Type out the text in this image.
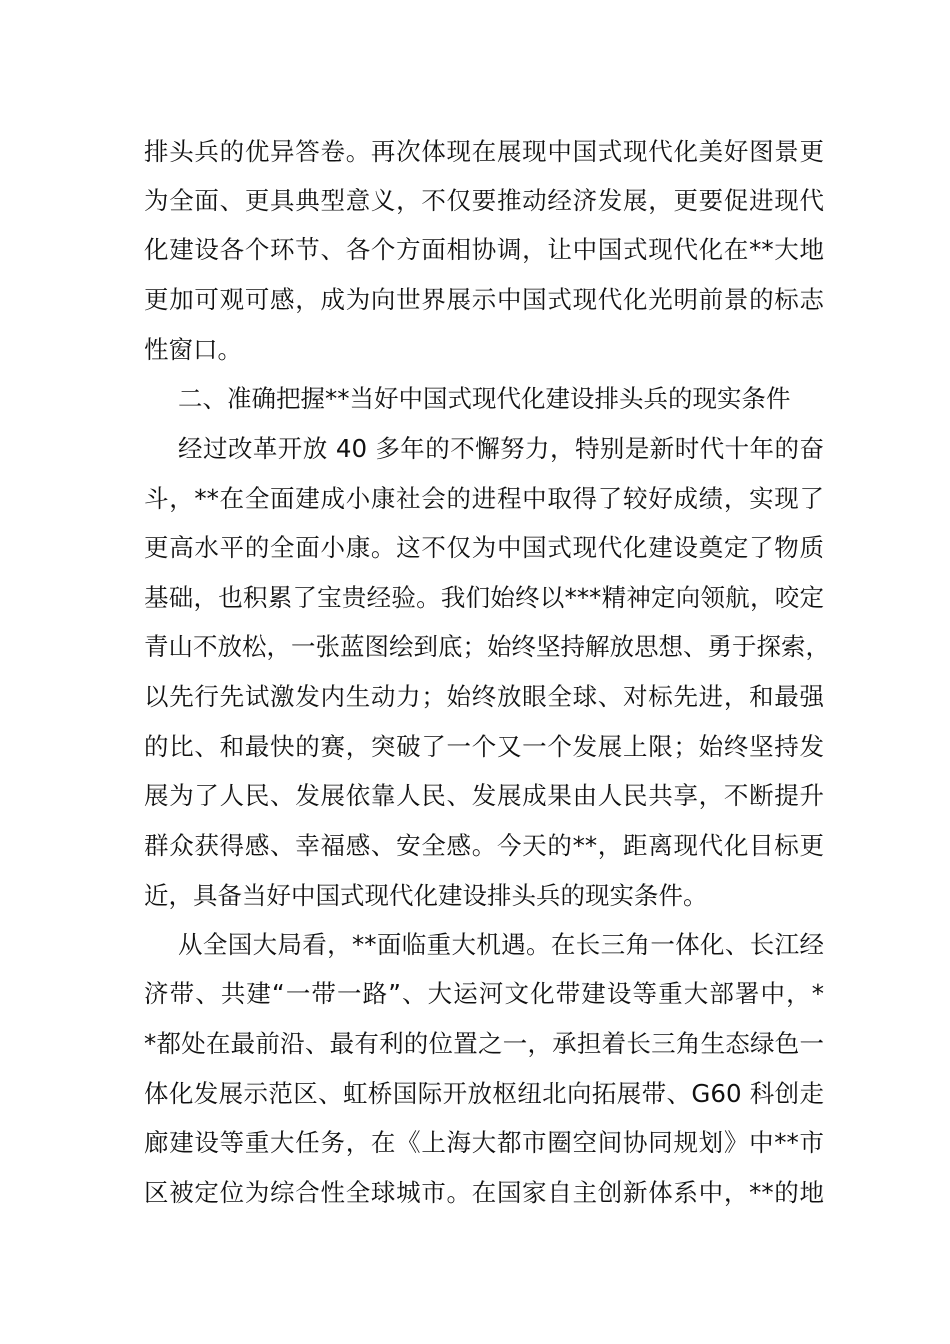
排头兵的优异答卷。再次体现在展现中国式现代化美好图景更
为全面、更具典型意义，不仅要推动经济发展，更要促进现代
化建设各个环节、各个方面相协调，让中国式现代化在**大地
更加可观可感，成为向世界展示中国式现代化光明前景的标志
性窗口。
二、准确把握**当好中国式现代化建设排头兵的现实条件
经过改革开放 40 多年的不懈努力，特别是新时代十年的奋
斗，**在全面建成小康社会的进程中取得了较好成绩，实现了
更高水平的全面小康。这不仅为中国式现代化建设奠定了物质
基础，也积累了宝贵经验。我们始终以***精神定向领航，咬定
青山不放松，一张蓝图绘到底；始终坚持解放思想、勇于探索，
以先行先试激发内生动力；始终放眼全球、对标先进，和最强
的比、和最快的赛，突破了一个又一个发展上限；始终坚持发
展为了人民、发展依靠人民、发展成果由人民共享，不断提升
群众获得感、幸福感、安全感。今天的**，距离现代化目标更
近，具备当好中国式现代化建设排头兵的现实条件。
从全国大局看，**面临重大机遇。在长三角一体化、长江经
济带、共建“一带一路”、大运河文化带建设等重大部署中，*
*都处在最前沿、最有利的位置之一，承担着长三角生态绿色一
体化发展示范区、虹桥国际开放枢纽北向拓展带、G60 科创走
廊建设等重大任务，在《上海大都市圈空间协同规划》中**市
区被定位为综合性全球城市。在国家自主创新体系中，**的地
